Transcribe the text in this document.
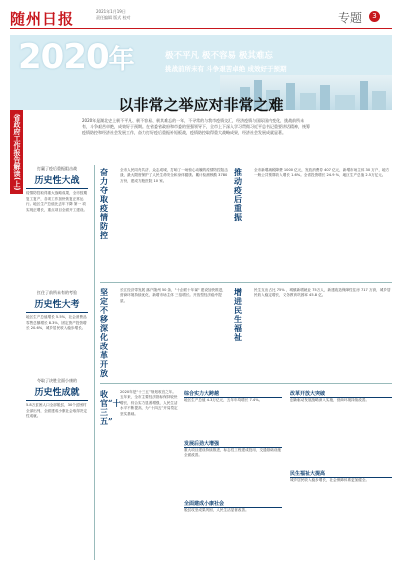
随州日报	2021年1月19日
责任编辑 版式 校对	专题	3
2020年	极不平凡 极不容易 极其难忘
挑战前所未有 斗争艰苦卓绝 成效好于预期
以非常之举应对非常之难
省政府工作报告解读(上)	2020年是湖北史上极不平凡、极不容易、极其难忘的一年，不寻常的与我市疫情交汇，经济疫情与国际国内变化，挑战前所未有，斗争艰苦卓绝，成效好于预期。在省委省政府和市委的坚强领导下，全市上下深入学习贯彻习近平总书记重要讲话精神，统筹疫情防控和经济社会发展工作，奋力打好疫后重振补短板战，疫情防控取得重大战略成果，经济社会发展成就显著。
打赢了疫后重振阻击战
历史性大战
疫情防控取得重大战略成果，全市按期复工复产，各项工作加快恢复正常运行。地区生产总值比去年下降 第一 项实现正增长，重点项目全面开工建设。
扛住了前所未有的考验
历史性大考
地区生产总值增长 5.5%，社会消费品零售总额增长 8.3%，固定资产投资增长 20.6%，城乡居民收入稳步增长。
夺取了决胜全面小康的
历史性成就
5.8万贫困人口全部脱贫，30个贫困村全部出列，全面建成小康社会取得决定性成就。
奋力夺取疫情防控
全市人民同舟共济、众志成城，打响了一场惊心动魄的疫情防控阻击战，最大限度保护了人民生命安全和身体健康。累计检测核酸 3780万份，建成方舱医院 10 家。
推动疫后重振
全市新增减税降费 1000 亿元，发放消费券 407 亿元，新增市场主体 30 万户，地方一般公共预算收入增长 1.6%。全省投资增长 24.9 %，地区生产总值 2.5万亿元。
坚定不移深化改革开放
长江经济带发展 落户随州 50 条，"十企联十年谋" 建设加快推进，营商环境持续优化，新增市场主体 三倍增长。开放型经济稳中提质。
增进民生福祉
民生支出占比 75% ，城镇新增就业 75万人，新建改造保障性住房 717 万套，城乡居民收入稳定增长，义务教育巩固率 45.8 亿。
收官“十三五”
2020年是“十三五”规划收官之年。五年来，全市主要经济指标保持较快增长，综合实力显著增强，人民生活水平不断提高，为“十四五”开局奠定坚实基础。
综合实力大跨越
地区生产总值 4.3万亿元，五年年均增长 7.4%。
发展后劲大增强
重大项目建设持续推进，标志性工程建成投用，交通基础设施全面改善。
全面建成小康社会
脱贫攻坚成果巩固，人民生活显著改善。
改革开放大突破
创新驱动发展战略深入实施，营商环境持续改善。
民生福祉大提高
城乡居民收入稳步增长，社会保障体系更加健全。
